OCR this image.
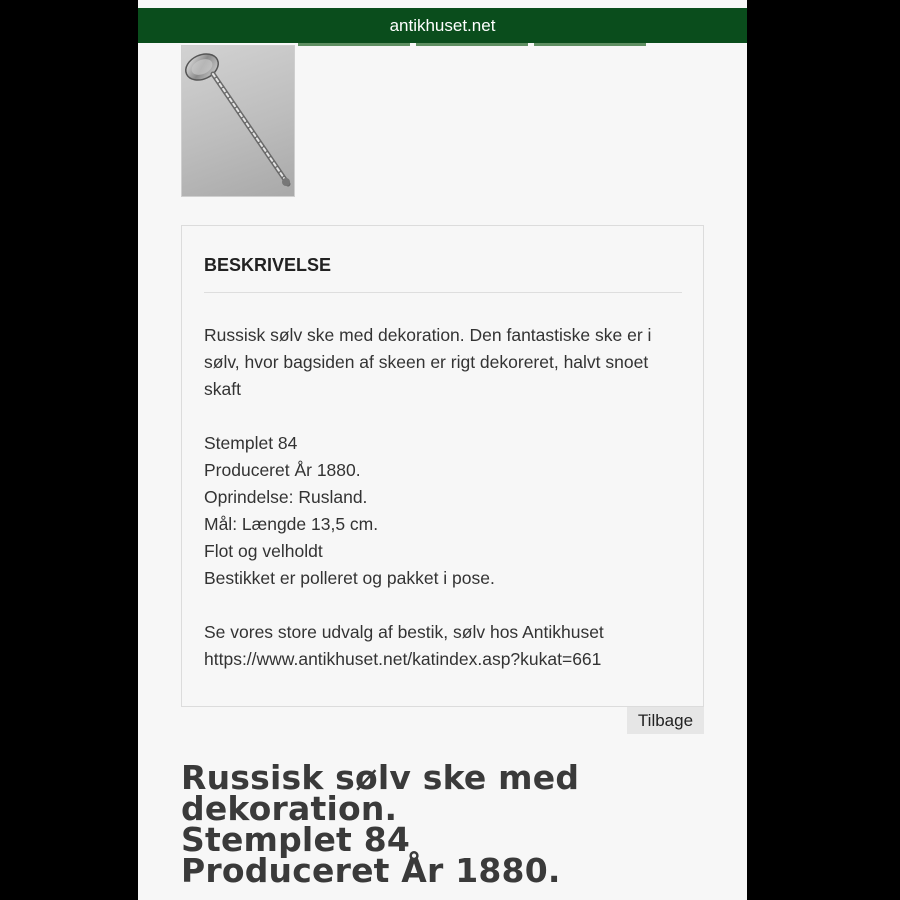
antikhuset.net
BESKRIVELSE

Russisk sølv ske med dekoration. Den fantastiske ske er i sølv, hvor bagsiden af skeen er rigt dekoreret, halvt snoet skaft

Stemplet 84

Produceret År 1880.

Oprindelse: Rusland.

Mål: Længde 13,5 cm.

Flot og velholdt

Bestikket er polleret og pakket i pose.

Se vores store udvalg af bestik, sølv hos Antikhuset

https://www.antikhuset.net/katindex.asp?kukat=661

Tilbage
Russisk sølv ske med
dekoration.
Stemplet 84
Produceret År 1880.
